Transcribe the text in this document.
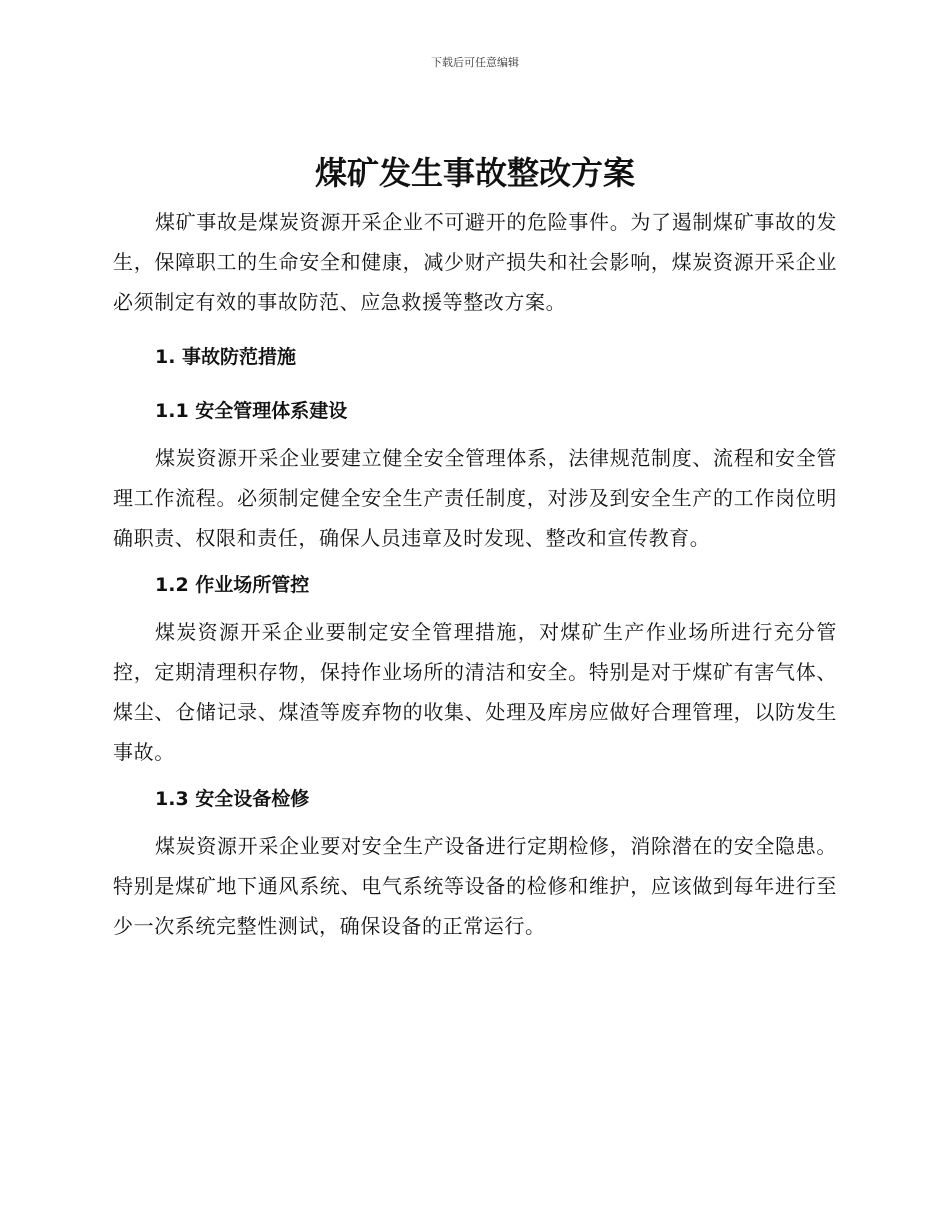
下载后可任意编辑
煤矿发生事故整改方案

煤矿事故是煤炭资源开采企业不可避开的危险事件。为了遏制煤矿事故的发生，保障职工的生命安全和健康，减少财产损失和社会影响，煤炭资源开采企业必须制定有效的事故防范、应急救援等整改方案。

1. 事故防范措施
1.1 安全管理体系建设

煤炭资源开采企业要建立健全安全管理体系，法律规范制度、流程和安全管理工作流程。必须制定健全安全生产责任制度，对涉及到安全生产的工作岗位明确职责、权限和责任，确保人员违章及时发现、整改和宣传教育。

1.2 作业场所管控

煤炭资源开采企业要制定安全管理措施，对煤矿生产作业场所进行充分管控，定期清理积存物，保持作业场所的清洁和安全。特别是对于煤矿有害气体、煤尘、仓储记录、煤渣等废弃物的收集、处理及库房应做好合理管理，以防发生事故。

1.3 安全设备检修

煤炭资源开采企业要对安全生产设备进行定期检修，消除潜在的安全隐患。特别是煤矿地下通风系统、电气系统等设备的检修和维护，应该做到每年进行至少一次系统完整性测试，确保设备的正常运行。
